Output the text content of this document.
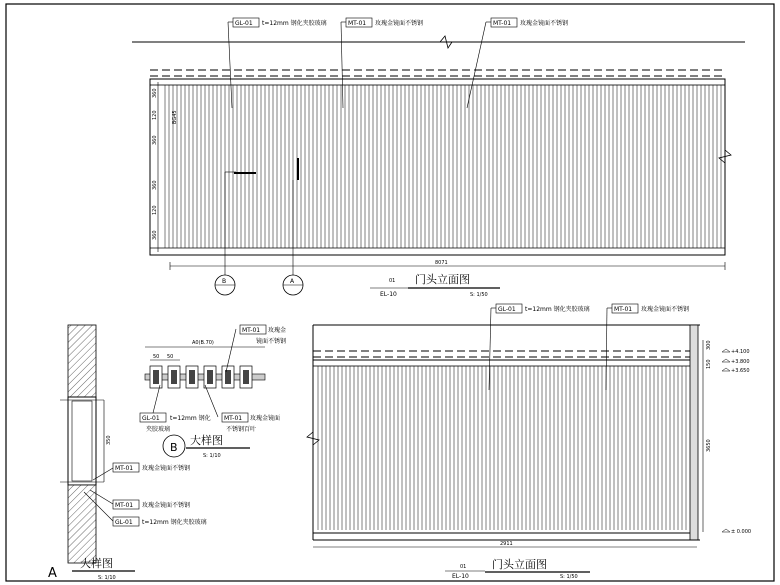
GL-01 t=12mm 钢化夹胶玻璃	MT-01 玫瑰金镜面不锈钢	MT-01 玫瑰金镜面不锈钢
360
120
360
360
120
360
BG45
8071
B	A	01
EL-10
门头立面图
S: 1/50
GL-01 t=12mm 钢化夹胶玻璃	MT-01 玫瑰金镜面不锈钢
300
150
3650
+4.100
+3.800
+3.650
± 0.000
2911
01
EL-10
门头立面图
S: 1/50
A0(B.70)
50 50
MT-01 玫瑰金
镜面不锈钢
GL-01 t=12mm 钢化
夹胶玻璃
MT-01 玫瑰金镜面
不锈钢百叶
B
大样图
S: 1/10
350
MT-01 玫瑰金镜面不锈钢
MT-01 玫瑰金镜面不锈钢
GL-01 t=12mm 钢化夹胶玻璃
A
大样图
S: 1/10
